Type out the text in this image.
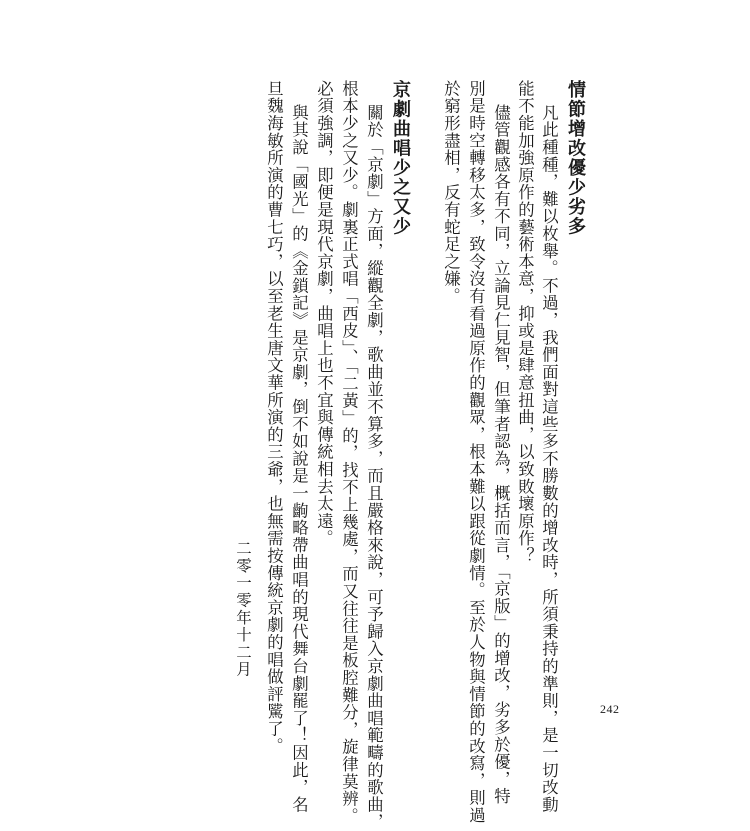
情節增改優少劣多
凡此種種，難以枚舉。不過，我們面對這些多不勝數的增改時，所須秉持的準則，是一切改動
能不能加強原作的藝術本意，抑或是肆意扭曲，以致敗壞原作？
儘管觀感各有不同，立論見仁見智，但筆者認為，概括而言，「京版」的增改，劣多於優，特
別是時空轉移太多，致令沒有看過原作的觀眾，根本難以跟從劇情。至於人物與情節的改寫，則過
於窮形盡相，反有蛇足之嫌。
京劇曲唱少之又少
關於「京劇」方面，縱觀全劇，歌曲並不算多，而且嚴格來說，可予歸入京劇曲唱範疇的歌曲，
根本少之又少。劇裏正式唱「西皮」、「二黃」的，找不上幾處，而又往往是板腔難分，旋律莫辨。
必須強調，即便是現代京劇，曲唱上也不宜與傳統相去太遠。
與其說「國光」的《金鎖記》是京劇，倒不如說是一齣略帶曲唱的現代舞台劇罷了！因此，名
旦魏海敏所演的曹七巧，以至老生唐文華所演的三爺，也無需按傳統京劇的唱做評騭了。
二零一零年十二月
242
